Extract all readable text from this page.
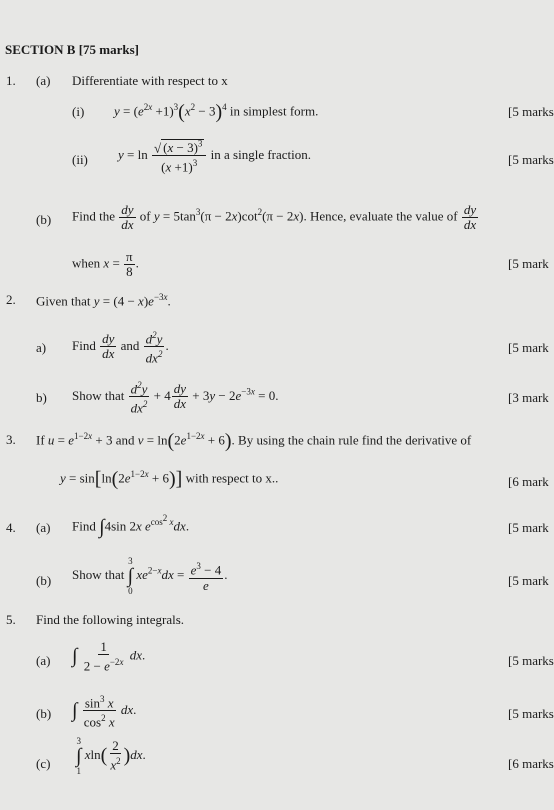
SECTION B [75 marks]
1. (a) Differentiate with respect to x
(i) $y = (e^{2x} +1)^3(x^2 - 3)^4$ in simplest form.	[5 marks
(ii) $y = \ln \frac{√ (x - 3)^3}{(x +1)^3}$ in a single fraction.	[5 marks
(b) Find the $\frac{dy}{dx}$ of $y = 5\tan^3(\pi - 2x)\cot^2(\pi - 2x)$. Hence, evaluate the value of $\frac{dy}{dx}$
when $x = \frac{\pi}{8}$ .	[5 mark
2. Given that $y = (4 - x)e^{-3x}$.
a) Find $\frac{dy}{dx}$ and $\frac{d^2y}{dx^2}$ .	[5 mark
b) Show that $\frac{d^2y}{dx^2} + 4 \frac{dy}{dx} + 3y - 2e^{-3x} = 0$.	[3 mark
3. If $u = e^{1-2x} + 3$ and $v = \ln(2e^{1-2x} + 6)$. By using the chain rule find the derivative of
$y = \sin[\ln(2e^{1-2x} + 6)]$ with respect to x..	[6 mark
4. (a) Find ∫4sin 2x $e^{cos^2 x}dx$.	[5 mark
(b) Show that
3
∫
0
$xe^{2-x}dx = \frac{e^3 - 4}{e}$ .	[5 mark
5. Find the following integrals.
(a) ∫ $\frac{1}{2 - e^{-2x}}$ dx.	[5 marks
(b) ∫ $\frac{\sin^3 x}{\cos^2 x}$ dx.	[5 marks
(c)
3
∫
1
$xln( \frac{2}{x^2} )dx$.
[6 marks
